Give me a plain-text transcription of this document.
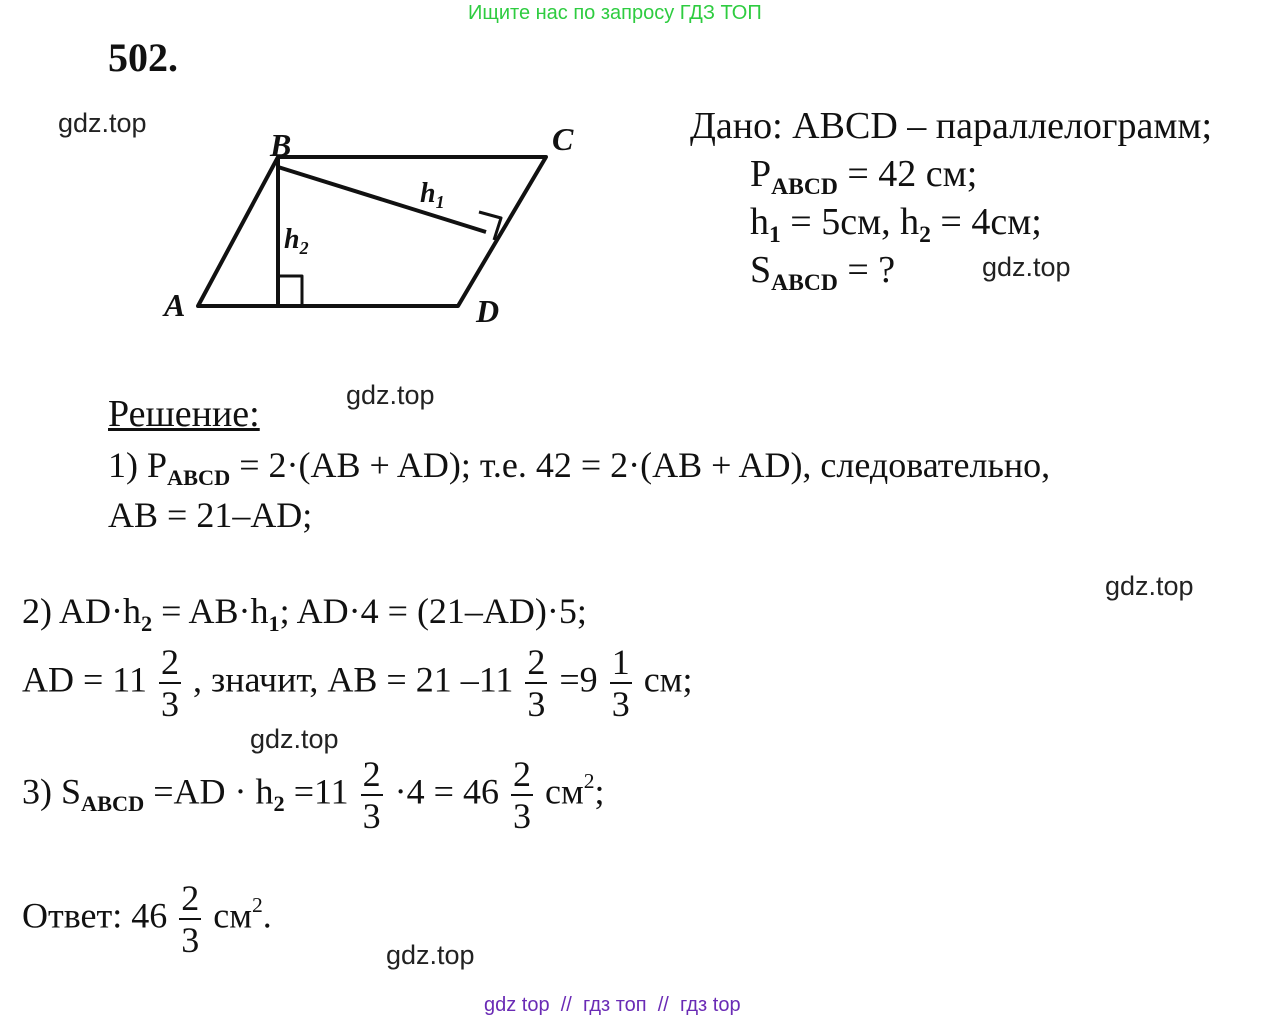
Ищите нас по запросу ГДЗ ТОП
502.
gdz.top
gdz.top
gdz.top
gdz.top
gdz.top
gdz.top
A
B	C
D
$h_1$
$h_2$
Дано: ABCD – параллелограмм;
$P_{ABCD} = 42$ см;
$h_1 = 5см$, $h_2 = 4см$;
$S_{ABCD}$ = ?
Решение:
1) $P_{ABCD} = 2\cdot(AB + AD)$; т.е. 42 = 2·(AB + AD), следовательно,
AB = 21–AD;
2) $AD\cdot h_2 = AB\cdot h_1$; AD·4 = (21–AD)·5;
AD = $11 \frac{2}{3}$ , значит, AB = 21 $-11 \frac{2}{3} =9 \frac{1}{3}$ см;
3) $S_{ABCD} =AD \cdot h_2 =11 \frac{2}{3} \cdot 4 = 46 \frac{2}{3} см^2$;
Ответ: $46 \frac{2}{3} см^2$.
gdz top  //  гдз топ  //  гдз top
